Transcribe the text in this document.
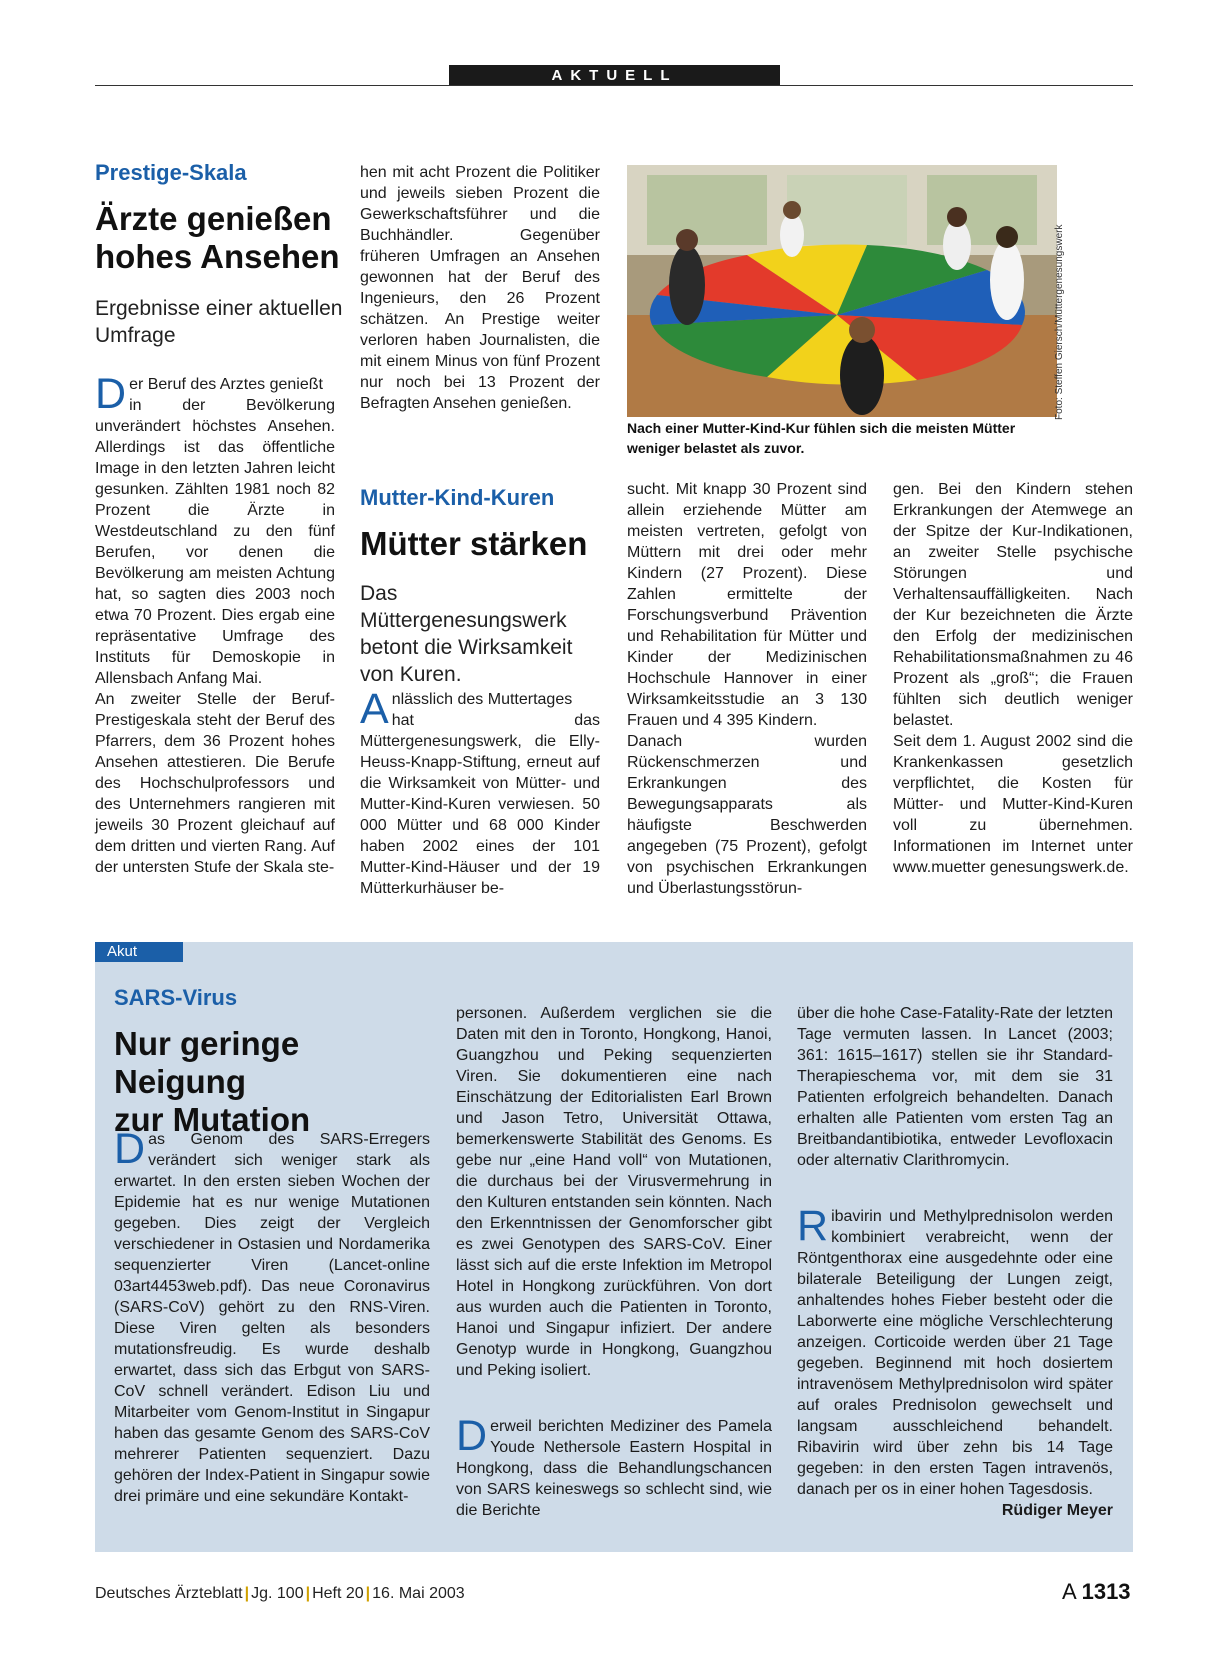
AKTUELL
Prestige-Skala
Ärzte genießen
hohes Ansehen
Ergebnisse einer aktuellen Umfrage
Der Beruf des Arztes genießt
in der Bevölkerung unverändert höchstes Ansehen. Allerdings ist das öffentliche Image in den letzten Jahren leicht gesunken. Zählten 1981 noch 82 Prozent die Ärzte in Westdeutschland zu den fünf Berufen, vor denen die Bevölkerung am meisten Achtung hat, so sagten dies 2003 noch etwa 70 Prozent. Dies ergab eine repräsentative Umfrage des Instituts für Demoskopie in Allensbach Anfang Mai.
An zweiter Stelle der Beruf-Prestigeskala steht der Beruf des Pfarrers, dem 36 Prozent hohes Ansehen attestieren. Die Berufe des Hochschulprofessors und des Unternehmers rangieren mit jeweils 30 Prozent gleichauf auf dem dritten und vierten Rang. Auf der untersten Stufe der Skala ste-
hen mit acht Prozent die Politiker und jeweils sieben Prozent die Gewerkschaftsführer und die Buchhändler. Gegenüber früheren Umfragen an Ansehen gewonnen hat der Beruf des Ingenieurs, den 26 Prozent schätzen. An Prestige weiter verloren haben Journalisten, die mit einem Minus von fünf Prozent nur noch bei 13 Prozent der Befragten Ansehen genießen.	Foto: Steffen Giersch/Müttergenesungswerk
Nach einer Mutter-Kind-Kur fühlen sich die meisten Mütter weniger belastet als zuvor.
Mutter-Kind-Kuren
Mütter stärken
Das Müttergenesungswerk betont die Wirksamkeit von Kuren.
Anlässlich des Muttertages
hat das Müttergenesungswerk, die Elly-Heuss-Knapp-Stiftung, erneut auf die Wirksamkeit von Mütter- und Mutter-Kind-Kuren verwiesen. 50 000 Mütter und 68 000 Kinder haben 2002 eines der 101 Mutter-Kind-Häuser und der 19 Mütterkurhäuser be-
sucht. Mit knapp 30 Prozent sind allein erziehende Mütter am meisten vertreten, gefolgt von Müttern mit drei oder mehr Kindern (27 Prozent). Diese Zahlen ermittelte der Forschungsverbund Prävention und Rehabilitation für Mütter und Kinder der Medizinischen Hochschule Hannover in einer Wirksamkeitsstudie an 3 130 Frauen und 4 395 Kindern.
Danach wurden Rückenschmerzen und Erkrankungen des Bewegungsapparats als häufigste Beschwerden angegeben (75 Prozent), gefolgt von psychischen Erkrankungen und Überlastungsstörun-
gen. Bei den Kindern stehen Erkrankungen der Atemwege an der Spitze der Kur-Indikationen, an zweiter Stelle psychische Störungen und Verhaltensauffälligkeiten. Nach der Kur bezeichneten die Ärzte den Erfolg der medizinischen Rehabilitationsmaßnahmen zu 46 Prozent als „groß“; die Frauen fühlten sich deutlich weniger belastet.
Seit dem 1. August 2002 sind die Krankenkassen gesetzlich verpflichtet, die Kosten für Mütter- und Mutter-Kind-Kuren voll zu übernehmen. Informationen im Internet unter www.muetter genesungswerk.de.
Akut
SARS-Virus
Nur geringe Neigung
zur Mutation
Das Genom des SARS-Erregers verändert sich weniger stark als erwartet. In den ersten sieben Wochen der Epidemie hat es nur wenige Mutationen gegeben. Dies zeigt der Vergleich verschiedener in Ostasien und Nordamerika sequenzierter Viren (Lancet-online 03art4453web.pdf). Das neue Coronavirus (SARS-CoV) gehört zu den RNS-Viren. Diese Viren gelten als besonders mutationsfreudig. Es wurde deshalb erwartet, dass sich das Erbgut von SARS-CoV schnell verändert. Edison Liu und Mitarbeiter vom Genom-Institut in Singapur haben das gesamte Genom des SARS-CoV mehrerer Patienten sequenziert. Dazu gehören der Index-Patient in Singapur sowie drei primäre und eine sekundäre Kontakt-

personen. Außerdem verglichen sie die Daten mit den in Toronto, Hongkong, Hanoi, Guangzhou und Peking sequenzierten Viren. Sie dokumentieren eine nach Einschätzung der Editorialisten Earl Brown und Jason Tetro, Universität Ottawa, bemerkenswerte Stabilität des Genoms. Es gebe nur „eine Hand voll“ von Mutationen, die durchaus bei der Virusvermehrung in den Kulturen entstanden sein könnten. Nach den Erkenntnissen der Genomforscher gibt es zwei Genotypen des SARS-CoV. Einer lässt sich auf die erste Infektion im Metropol Hotel in Hongkong zurückführen. Von dort aus wurden auch die Patienten in Toronto, Hanoi und Singapur infiziert. Der andere Genotyp wurde in Hongkong, Guangzhou und Peking isoliert.

Derweil berichten Mediziner des Pamela Youde Nethersole Eastern Hospital in Hongkong, dass die Behandlungschancen von SARS keineswegs so schlecht sind, wie die Berichte

über die hohe Case-Fatality-Rate der letzten Tage vermuten lassen. In Lancet (2003; 361: 1615–1617) stellen sie ihr Standard-Therapieschema vor, mit dem sie 31 Patienten erfolgreich behandelten. Danach erhalten alle Patienten vom ersten Tag an Breitbandantibiotika, entweder Levofloxacin oder alternativ Clarithromycin.

Ribavirin und Methylprednisolon werden kombiniert verabreicht, wenn der Röntgenthorax eine ausgedehnte oder eine bilaterale Beteiligung der Lungen zeigt, anhaltendes hohes Fieber besteht oder die Laborwerte eine mögliche Verschlechterung anzeigen. Corticoide werden über 21 Tage gegeben. Beginnend mit hoch dosiertem intravenösem Methylprednisolon wird später auf orales Prednisolon gewechselt und langsam ausschleichend behandelt. Ribavirin wird über zehn bis 14 Tage gegeben: in den ersten Tagen intravenös, danach per os in einer hohen Tagesdosis.
Rüdiger Meyer

Deutsches Ärzteblatt | Jg. 100 | Heft 20 | 16. Mai 2003	A 1313
